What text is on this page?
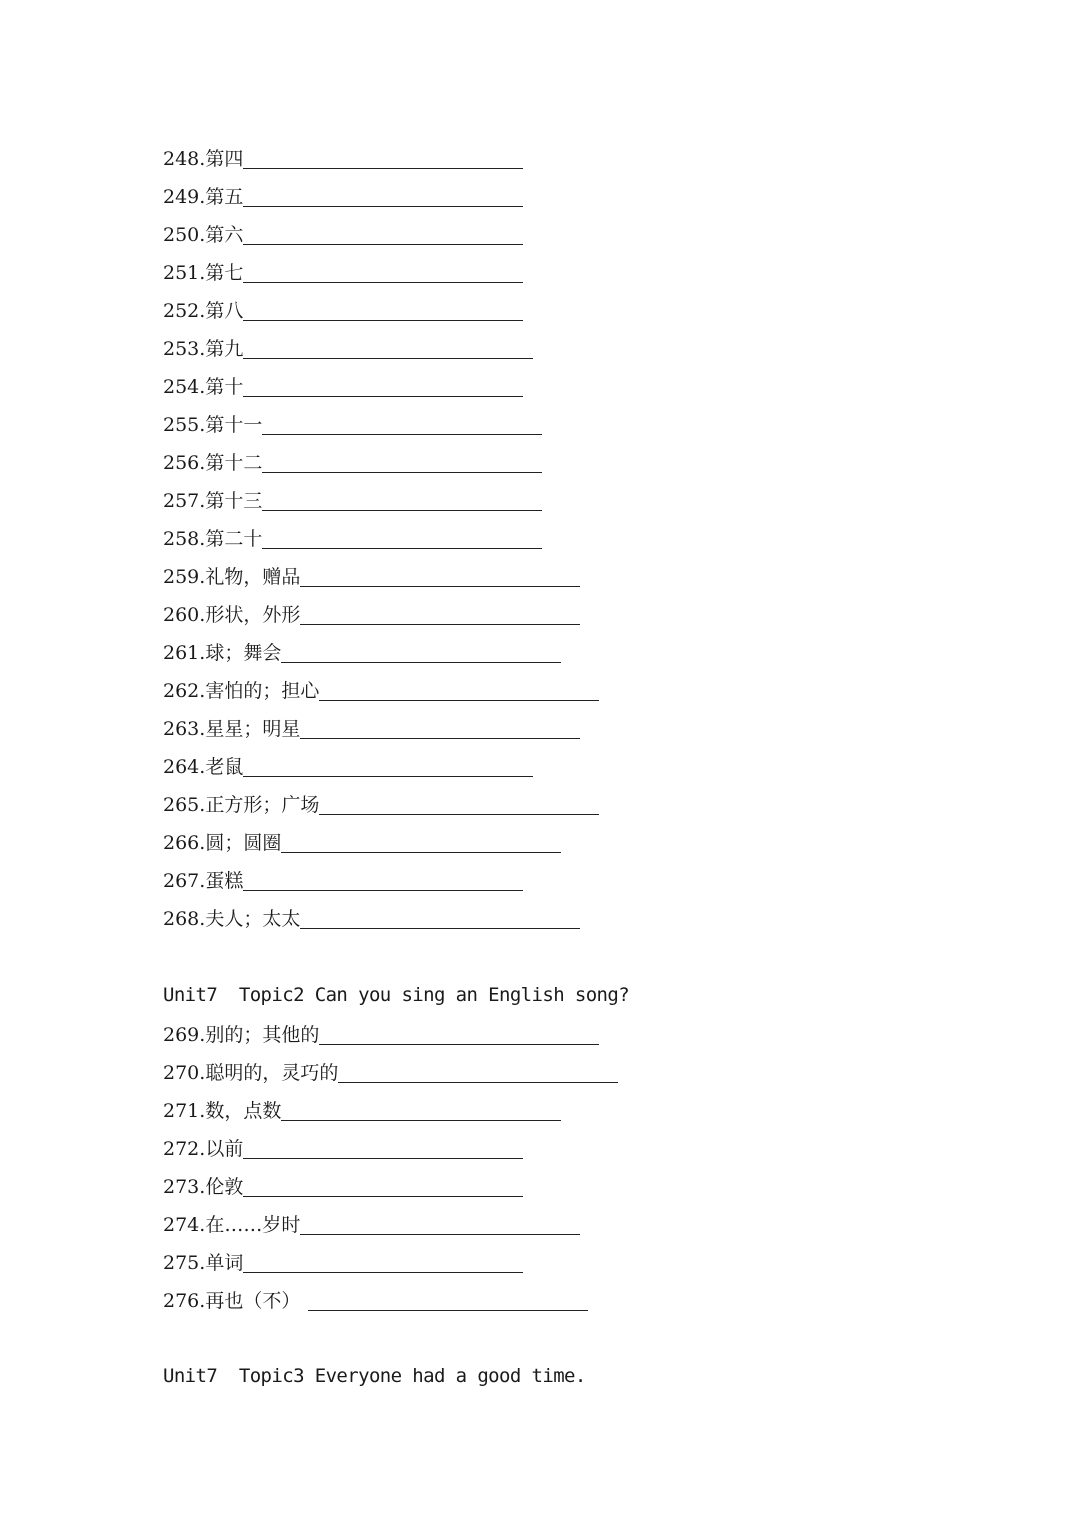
248. 第四
249. 第五
250. 第六
251. 第七
252. 第八
253. 第九
254. 第十
255. 第十一
256. 第十二
257. 第十三
258. 第二十
259. 礼物，赠品
260. 形状，外形
261. 球；舞会
262. 害怕的；担心
263. 星星；明星
264. 老鼠
265. 正方形；广场
266. 圆；圆圈
267. 蛋糕
268. 夫人；太太
Unit7  Topic2 Can you sing an English song?
269. 别的；其他的
270. 聪明的，灵巧的
271. 数，点数
272. 以前
273. 伦敦
274. 在……岁时
275. 单词
276. 再也（不）
Unit7  Topic3 Everyone had a good time.
